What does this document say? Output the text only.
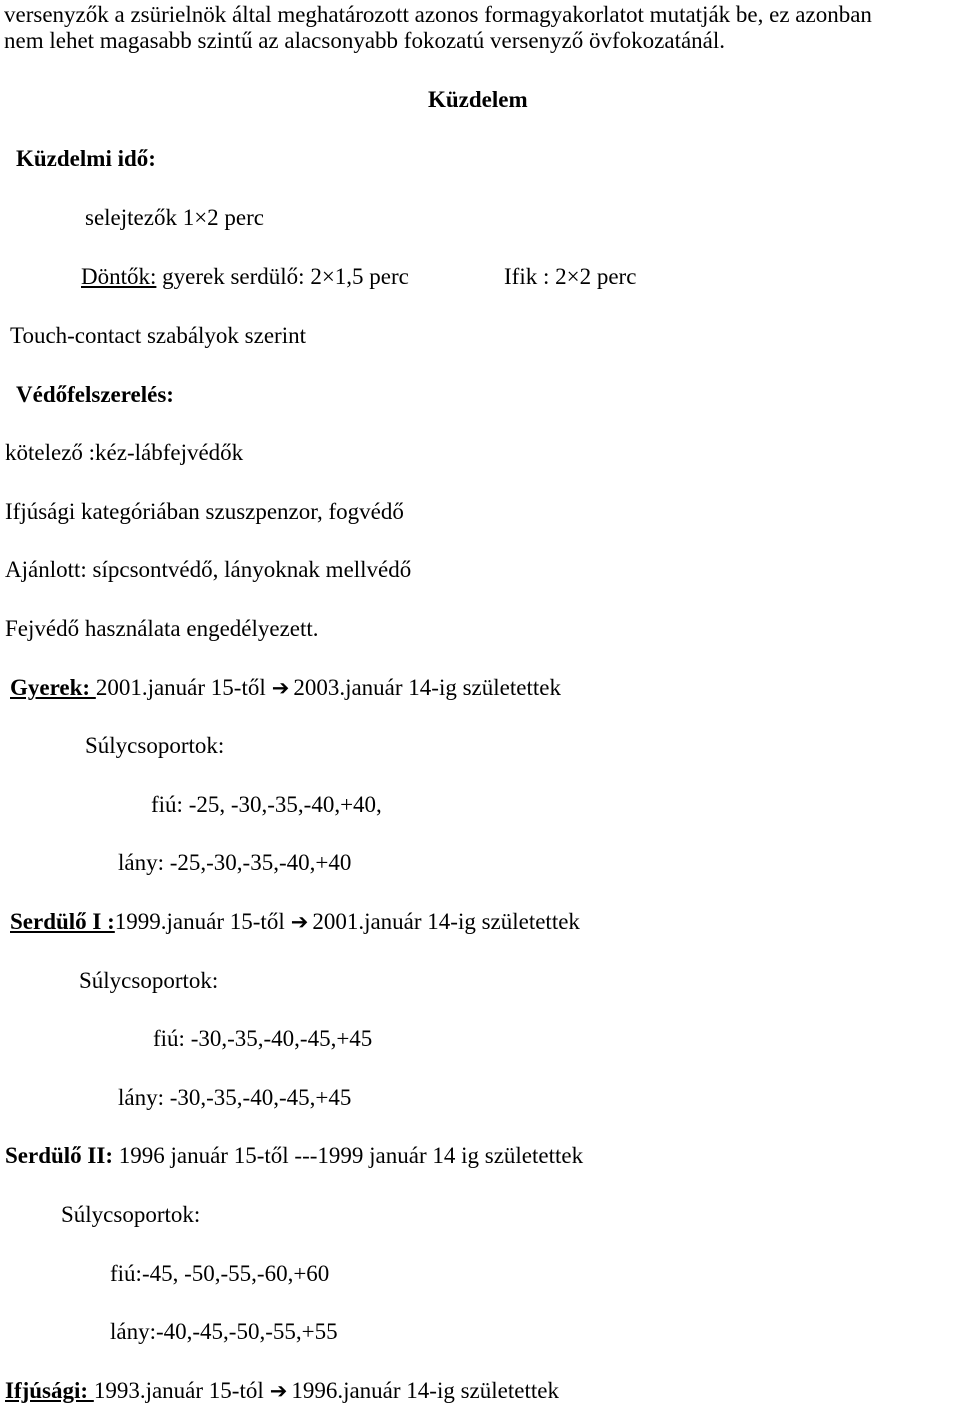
versenyzők a zsürielnök által meghatározott azonos formagyakorlatot mutatják be, ez azonban
nem lehet magasabb szintű az alacsonyabb fokozatú versenyző övfokozatánál.
Küzdelem
Küzdelmi idő:
selejtezők 1×2 perc
Döntők: gyerek serdülő: 2×1,5 perc	Ifik : 2×2 perc
Touch-contact szabályok szerint
Védőfelszerelés:
kötelező :kéz-lábfejvédők
Ifjúsági kategóriában szuszpenzor, fogvédő
Ajánlott: sípcsontvédő, lányoknak mellvédő
Fejvédő használata engedélyezett.
Gyerek: 2001.január 15-től ➔ 2003.január 14-ig születettek
Súlycsoportok:
fiú: -25, -30,-35,-40,+40,
lány: -25,-30,-35,-40,+40
Serdülő I :1999.január 15-től ➔ 2001.január 14-ig születettek
Súlycsoportok:
fiú: -30,-35,-40,-45,+45
lány: -30,-35,-40,-45,+45
Serdülő II: 1996 január 15-től ---1999 január 14 ig születettek
Súlycsoportok:
fiú:-45, -50,-55,-60,+60
lány:-40,-45,-50,-55,+55
Ifjúsági: 1993.január 15-tól ➔ 1996.január 14-ig születettek
